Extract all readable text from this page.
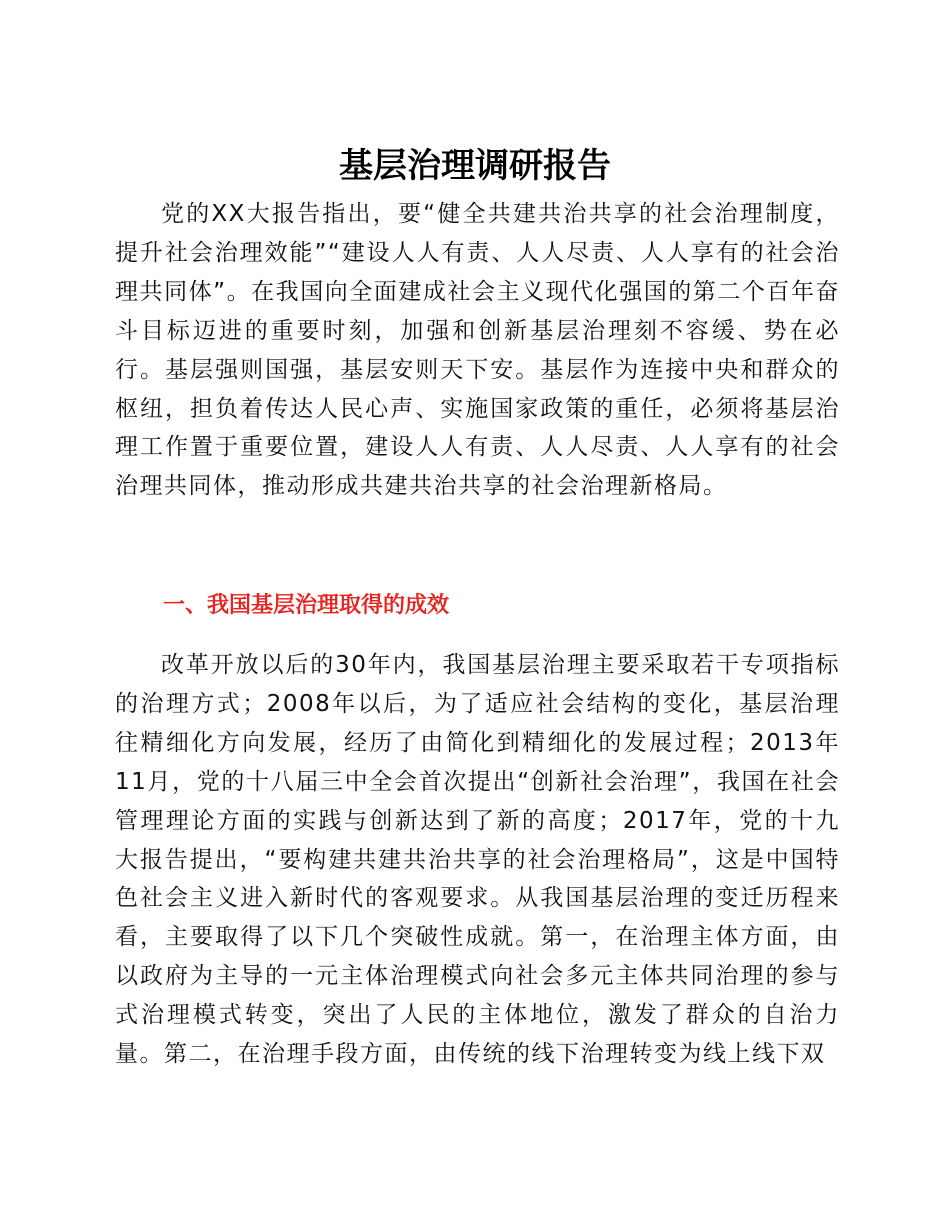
基层治理调研报告

党的XX大报告指出，要“健全共建共治共享的社会治理制度，提升社会治理效能”“建设人人有责、人人尽责、人人享有的社会治理共同体”。在我国向全面建成社会主义现代化强国的第二个百年奋斗目标迈进的重要时刻，加强和创新基层治理刻不容缓、势在必行。基层强则国强，基层安则天下安。基层作为连接中央和群众的枢纽，担负着传达人民心声、实施国家政策的重任，必须将基层治理工作置于重要位置，建设人人有责、人人尽责、人人享有的社会治理共同体，推动形成共建共治共享的社会治理新格局。

一、我国基层治理取得的成效

改革开放以后的30年内，我国基层治理主要采取若干专项指标的治理方式；2008年以后，为了适应社会结构的变化，基层治理往精细化方向发展，经历了由简化到精细化的发展过程；2013年11月，党的十八届三中全会首次提出“创新社会治理”，我国在社会管理理论方面的实践与创新达到了新的高度；2017年，党的十九大报告提出，“要构建共建共治共享的社会治理格局”，这是中国特色社会主义进入新时代的客观要求。从我国基层治理的变迁历程来看，主要取得了以下几个突破性成就。第一，在治理主体方面，由以政府为主导的一元主体治理模式向社会多元主体共同治理的参与式治理模式转变，突出了人民的主体地位，激发了群众的自治力量。第二，在治理手段方面，由传统的线下治理转变为线上线下双
